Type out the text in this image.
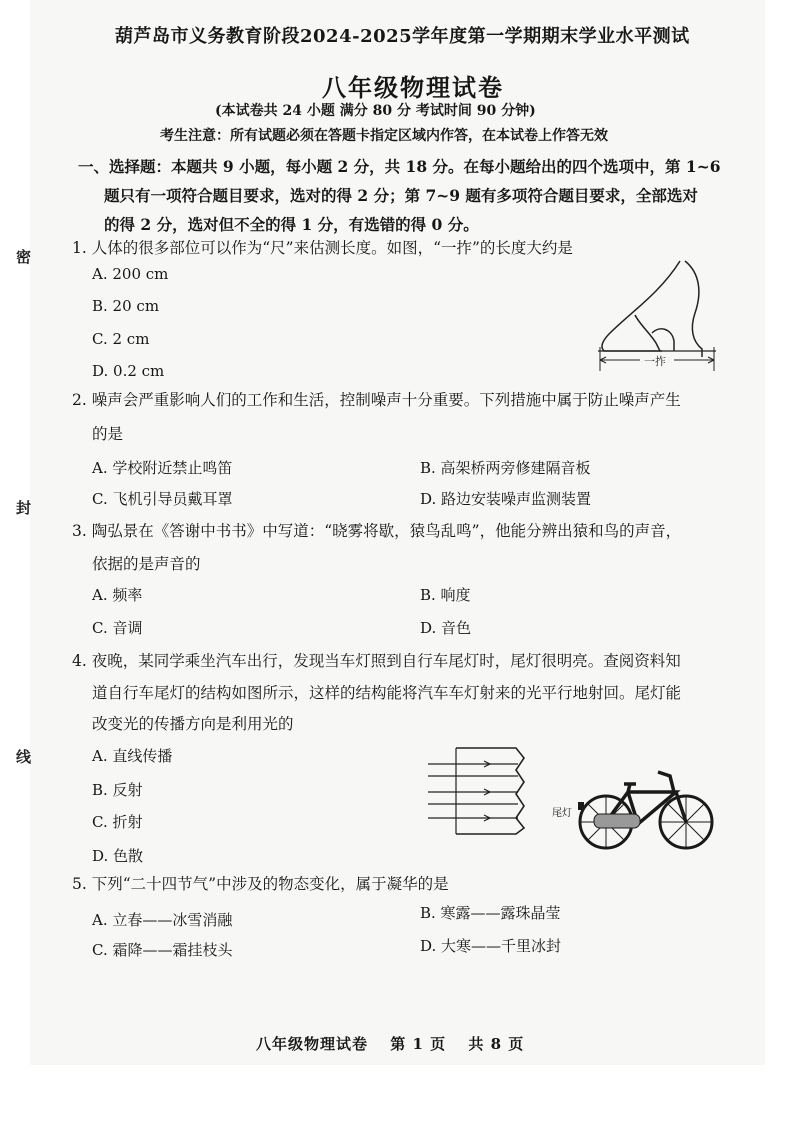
密
封
线
葫芦岛市义务教育阶段2024-2025学年度第一学期期末学业水平测试
八年级物理试卷
(本试卷共 24 小题 满分 80 分 考试时间 90 分钟)
考生注意：所有试题必须在答题卡指定区域内作答，在本试卷上作答无效
一、选择题：本题共 9 小题，每小题 2 分，共 18 分。在每小题给出的四个选项中，第 1~6
题只有一项符合题目要求，选对的得 2 分；第 7~9 题有多项符合题目要求，全部选对
的得 2 分，选对但不全的得 1 分，有选错的得 0 分。
1. 人体的很多部位可以作为“尺”来估测长度。如图，“一拃”的长度大约是
A. 200 cm
B. 20 cm
C. 2 cm
D. 0.2 cm
一拃
2. 噪声会严重影响人们的工作和生活，控制噪声十分重要。下列措施中属于防止噪声产生
的是
A. 学校附近禁止鸣笛	B. 高架桥两旁修建隔音板
C. 飞机引导员戴耳罩	D. 路边安装噪声监测装置
3. 陶弘景在《答谢中书书》中写道：“晓雾将歇，猿鸟乱鸣”，他能分辨出猿和鸟的声音，
依据的是声音的
A. 频率	B. 响度
C. 音调	D. 音色
4. 夜晚，某同学乘坐汽车出行，发现当车灯照到自行车尾灯时，尾灯很明亮。查阅资料知
道自行车尾灯的结构如图所示，这样的结构能将汽车车灯射来的光平行地射回。尾灯能
改变光的传播方向是利用光的
A. 直线传播
B. 反射
C. 折射
D. 色散
尾灯
5. 下列“二十四节气”中涉及的物态变化，属于凝华的是
A. 立春——冰雪消融	B. 寒露——露珠晶莹
C. 霜降——霜挂枝头	D. 大寒——千里冰封
八年级物理试卷 第 1 页 共 8 页
